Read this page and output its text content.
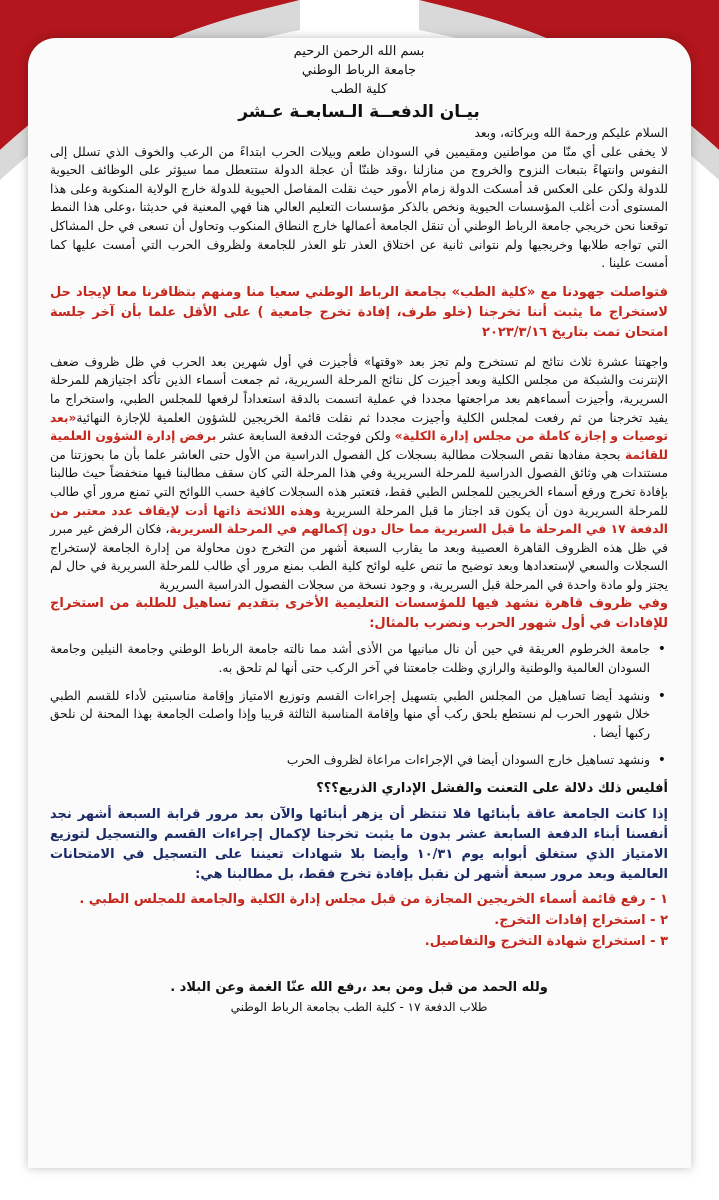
بسم الله الرحمن الرحيم
جامعة الرباط الوطني
كلية الطب
بيـان الدفعــة الـسابعـة عـشر

السلام عليكم ورحمة الله وبركاته، وبعد

لا يخفى على أي منّا من مواطنين ومقيمين في السودان طعم وبيلات الحرب ابتداءً من الرعب والخوف الذي تسلل إلى النفوس وانتهاءً بتبعات النزوح والخروج من منازلنا ،وقد ظننّا أن عجلة الدولة ستتعطل مما سيؤثر على الوظائف الحيوية للدولة ولكن على العكس قد أمسكت الدولة زمام الأمور حيث نقلت المفاصل الحيوية للدولة خارج الولاية المنكوبة وعلى هذا المستوى أدت أغلب المؤسسات الحيوية ونخص بالذكر مؤسسات التعليم العالي هنا فهي المعنية في حديثنا ،وعلى هذا النمط توقعنا نحن خريجي جامعة الرباط الوطني أن تنقل الجامعة أعمالها خارج النطاق المنكوب وتحاول أن تسعى في حل المشاكل التي تواجه طلابها وخريجيها ولم نتوانى ثانية عن اختلاق العذر تلو العذر للجامعة ولظروف الحرب التي أمست عليها كما أمست علينا .

فتواصلت جهودنا مع «كلية الطب» بجامعة الرباط الوطني سعيا منا ومنهم بتظافرنا معا لإيجاد حل لاستخراج ما يثبت أننا تخرجنا (خلو طرف، إفادة تخرج جامعية ) على الأقل علما بأن آخر جلسة امتحان تمت بتاريخ ٢٠٢٣/٣/١٦

واجهتنا عشرة ثلاث نتائج لم تستخرج ولم تجز بعد «وقتها» فأجيزت في أول شهرين بعد الحرب في ظل ظروف ضعف الإنترنت والشبكة من مجلس الكلية وبعد أجيزت كل نتائج المرحلة السريرية، ثم جمعت أسماء الذين تأكد اجتيازهم للمرحلة السريرية، وأجيزت أسماءهم بعد مراجعتها مجددا في عملية اتسمت بالدقة استعداداً لرفعها للمجلس الطبي، واستخراج ما يفيد تخرجنا من ثم رفعت لمجلس الكلية وأجيزت مجددا ثم نقلت قائمة الخريجين للشؤون العلمية للإجازة النهائية«بعد توصيات و إجازة كاملة من مجلس إدارة الكلية» ولكن فوجئت الدفعة السابعة عشر برفض إدارة الشؤون العلمية للقائمة بحجة مفادها نقص السجلات مطالبة بسجلات كل الفصول الدراسية من الأول حتى العاشر علما بأن ما بحوزتنا من مستندات هي وثائق الفصول الدراسية للمرحلة السريرية وفي هذا المرحلة التي كان سقف مطالبنا فيها منخفضاً حيث طالبنا بإفادة تخرج ورفع أسماء الخريجين للمجلس الطبي فقط، فتعتبر هذه السجلات كافية حسب اللوائح التي تمنع مرور أي طالب للمرحلة السريرية دون أن يكون قد اجتاز ما قبل المرحلة السريرية وهذه اللائحة ذاتها أدت لإيقاف عدد معتبر من الدفعة ١٧ في المرحلة ما قبل السريرية مما حال دون إكمالهم في المرحلة السريرية، فكان الرفض غير مبرر في ظل هذه الظروف القاهرة العصيبة وبعد ما يقارب السبعة أشهر من التخرج دون محاولة من إدارة الجامعة لإستخراج السجلات والسعي لإستعدادها وبعد توضيح ما تنص عليه لوائح كلية الطب بمنع مرور أي طالب للمرحلة السريرية في حال لم يجتز ولو مادة واحدة في المرحلة قبل السريرية، و وجود نسخة من سجلات الفصول الدراسية السريرية

وفي ظروف قاهرة نشهد فيها للمؤسسات التعليمية الأخرى بتقديم تساهيل للطلبة من استخراج للإفادات في أول شهور الحرب ونضرب بالمثال:

• جامعة الخرطوم العريقة في حين أن نال مبانيها من الأذى أشد مما نالته جامعة الرباط الوطني وجامعة النيلين وجامعة السودان العالمية والوطنية والرازي وظلت جامعتنا في آخر الركب حتى أنها لم تلحق به.
• ونشهد أيضا تساهيل من المجلس الطبي بتسهيل إجراءات القسم وتوزيع الامتياز وإقامة مناسبتين لأداء للقسم الطبي خلال شهور الحرب لم نستطع بلحق ركب أي منها وإقامة المناسبة الثالثة قريبا وإذا واصلت الجامعة بهذا المحنة لن نلحق ركبها أيضا .
• ونشهد تساهيل خارج السودان أيضا في الإجراءات مراعاة لظروف الحرب

أفليس ذلك دلالة على التعنت والفشل الإداري الذريع؟؟؟

إذا كانت الجامعة عاقة بأبنائها فلا تنتظر أن يزهر أبنائها والآن بعد مرور قرابة السبعة أشهر نجد أنفسنا أبناء الدفعة السابعة عشر بدون ما يثبت تخرجنا لإكمال إجراءات القسم والتسجيل لتوزيع الامتياز الذي ستغلق أبوابه يوم ١٠/٣١ وأيضا بلا شهادات تعيننا على التسجيل في الامتحانات العالمية وبعد مرور سبعة أشهر لن نقبل بإفادة تخرج فقط، بل مطالبنا هي:

١ - رفع قائمة أسماء الخريجين المجازة من قبل مجلس إدارة الكلية والجامعة للمجلس الطبي .

٢ - استخراج إفادات التخرج.

٣ - استخراج شهادة التخرج والتفاصيل.

ولله الحمد من قبل ومن بعد ،رفع الله عنّا الغمة وعن البلاد .

طلاب الدفعة ١٧ - كلية الطب بجامعة الرباط الوطني
